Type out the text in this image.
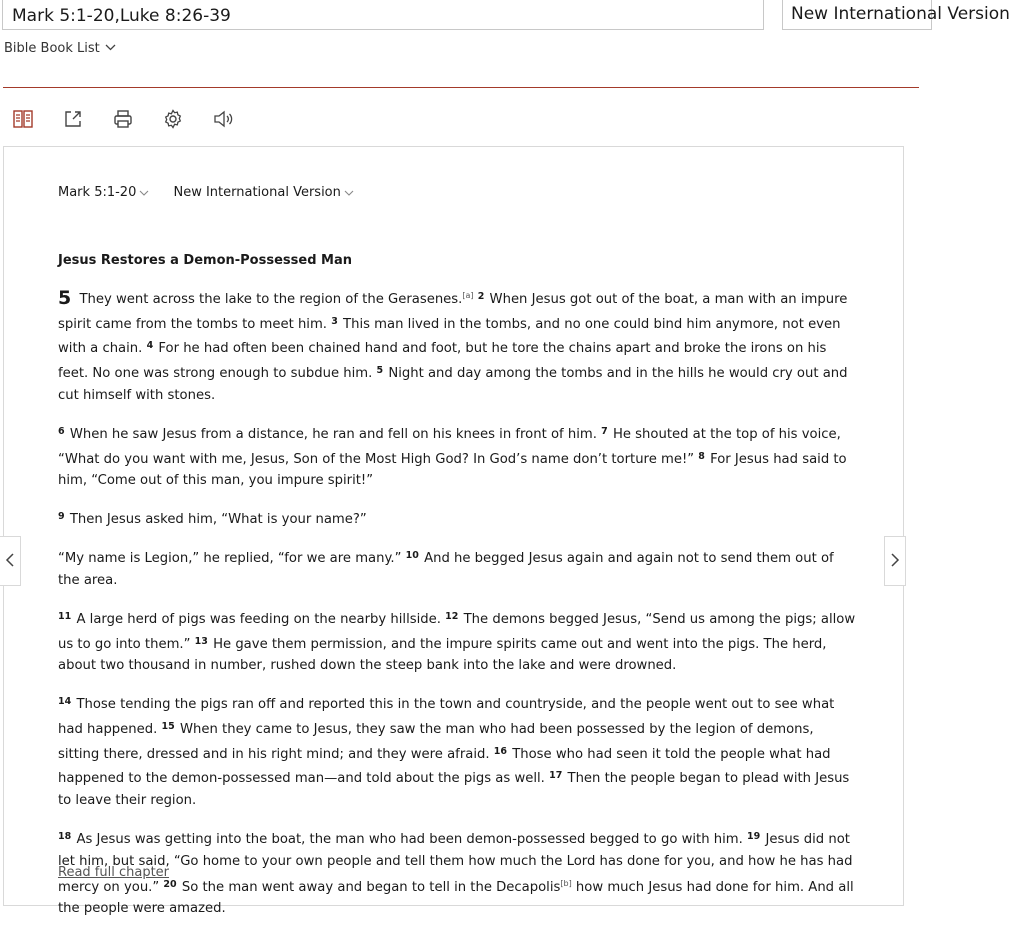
Mark 5:1-20,Luke 8:26-39
New International Version
Bible Book List
Mark 5:1-20	New International Version
Jesus Restores a Demon-Possessed Man

5 They went across the lake to the region of the Gerasenes.[a] $^2$ When Jesus got out of the boat, a man with an impure spirit came from the tombs to meet him. $^3$ This man lived in the tombs, and no one could bind him anymore, not even with a chain. $^4$ For he had often been chained hand and foot, but he tore the chains apart and broke the irons on his feet. No one was strong enough to subdue him. $^5$ Night and day among the tombs and in the hills he would cry out and cut himself with stones.

$^6$ When he saw Jesus from a distance, he ran and fell on his knees in front of him. $^7$ He shouted at the top of his voice, “What do you want with me, Jesus, Son of the Most High God? In God’s name don’t torture me!” $^8$ For Jesus had said to him, “Come out of this man, you impure spirit!”

$^9$ Then Jesus asked him, “What is your name?”

“My name is Legion,” he replied, “for we are many.” $^{10}$ And he begged Jesus again and again not to send them out of the area.

$^{11}$ A large herd of pigs was feeding on the nearby hillside. $^{12}$ The demons begged Jesus, “Send us among the pigs; allow us to go into them.” $^{13}$ He gave them permission, and the impure spirits came out and went into the pigs. The herd, about two thousand in number, rushed down the steep bank into the lake and were drowned.

$^{14}$ Those tending the pigs ran off and reported this in the town and countryside, and the people went out to see what had happened. $^{15}$ When they came to Jesus, they saw the man who had been possessed by the legion of demons, sitting there, dressed and in his right mind; and they were afraid. $^{16}$ Those who had seen it told the people what had happened to the demon-possessed man—and told about the pigs as well. $^{17}$ Then the people began to plead with Jesus to leave their region.

$^{18}$ As Jesus was getting into the boat, the man who had been demon-possessed begged to go with him. $^{19}$ Jesus did not let him, but said, “Go home to your own people and tell them how much the Lord has done for you, and how he has had mercy on you.” $^{20}$ So the man went away and began to tell in the Decapolis[b] how much Jesus had done for him. And all the people were amazed.

Read full chapter
